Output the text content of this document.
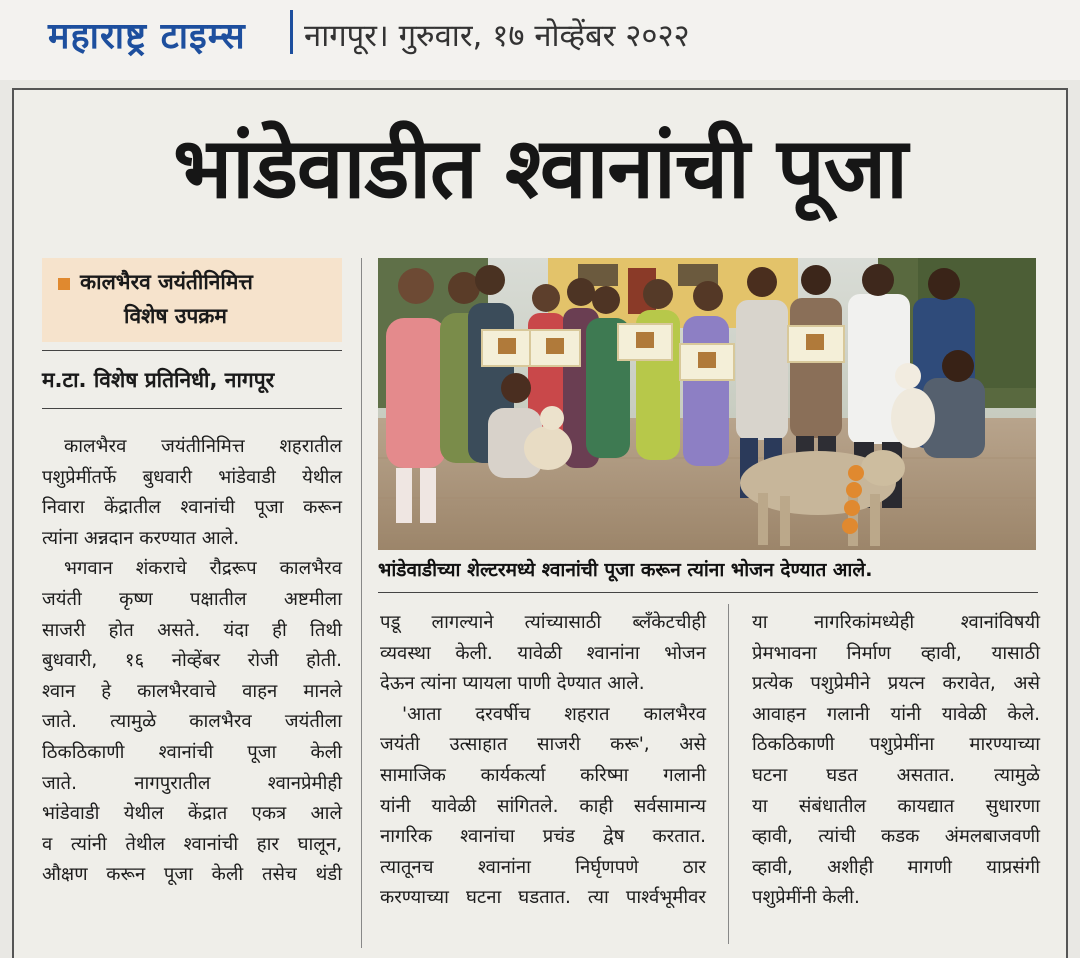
महाराष्ट्र टाइम्स नागपूर। गुरुवार, १७ नोव्हेंबर २०२२
भांडेवाडीत श्वानांची पूजा
कालभैरव जयंतीनिमित्त
विशेष उपक्रम
म.टा. विशेष प्रतिनिधी, नागपूर
कालभैरव जयंतीनिमित्त शहरातील
पशुप्रेमींतर्फे बुधवारी भांडेवाडी येथील
निवारा केंद्रातील श्वानांची पूजा करून
त्यांना अन्नदान करण्यात आले.
भगवान शंकराचे रौद्ररूप कालभैरव
जयंती कृष्ण पक्षातील अष्टमीला
साजरी होत असते. यंदा ही तिथी
बुधवारी, १६ नोव्हेंबर रोजी होती.
श्वान हे कालभैरवाचे वाहन मानले
जाते. त्यामुळे कालभैरव जयंतीला
ठिकठिकाणी श्वानांची पूजा केली
जाते. नागपुरातील श्वानप्रेमीही
भांडेवाडी येथील केंद्रात एकत्र आले
व त्यांनी तेथील श्वानांची हार घालून,
औक्षण करून पूजा केली तसेच थंडी
भांडेवाडीच्या शेल्टरमध्ये श्वानांची पूजा करून त्यांना भोजन देण्यात आले.
पडू लागल्याने त्यांच्यासाठी ब्लँकेटचीही
व्यवस्था केली. यावेळी श्वानांना भोजन
देऊन त्यांना प्यायला पाणी देण्यात आले.
'आता दरवर्षीच शहरात कालभैरव
जयंती उत्साहात साजरी करू', असे
सामाजिक कार्यकर्त्या करिष्मा गलानी
यांनी यावेळी सांगितले. काही सर्वसामान्य
नागरिक श्वानांचा प्रचंड द्वेष करतात.
त्यातूनच श्वानांना निर्घृणपणे ठार
करण्याच्या घटना घडतात. त्या पार्श्वभूमीवर
या नागरिकांमध्येही श्वानांविषयी
प्रेमभावना निर्माण व्हावी, यासाठी
प्रत्येक पशुप्रेमीने प्रयत्न करावेत, असे
आवाहन गलानी यांनी यावेळी केले.
ठिकठिकाणी पशुप्रेमींना मारण्याच्या
घटना घडत असतात. त्यामुळे
या संबंधातील कायद्यात सुधारणा
व्हावी, त्यांची कडक अंमलबाजवणी
व्हावी, अशीही मागणी याप्रसंगी
पशुप्रेमींनी केली.
